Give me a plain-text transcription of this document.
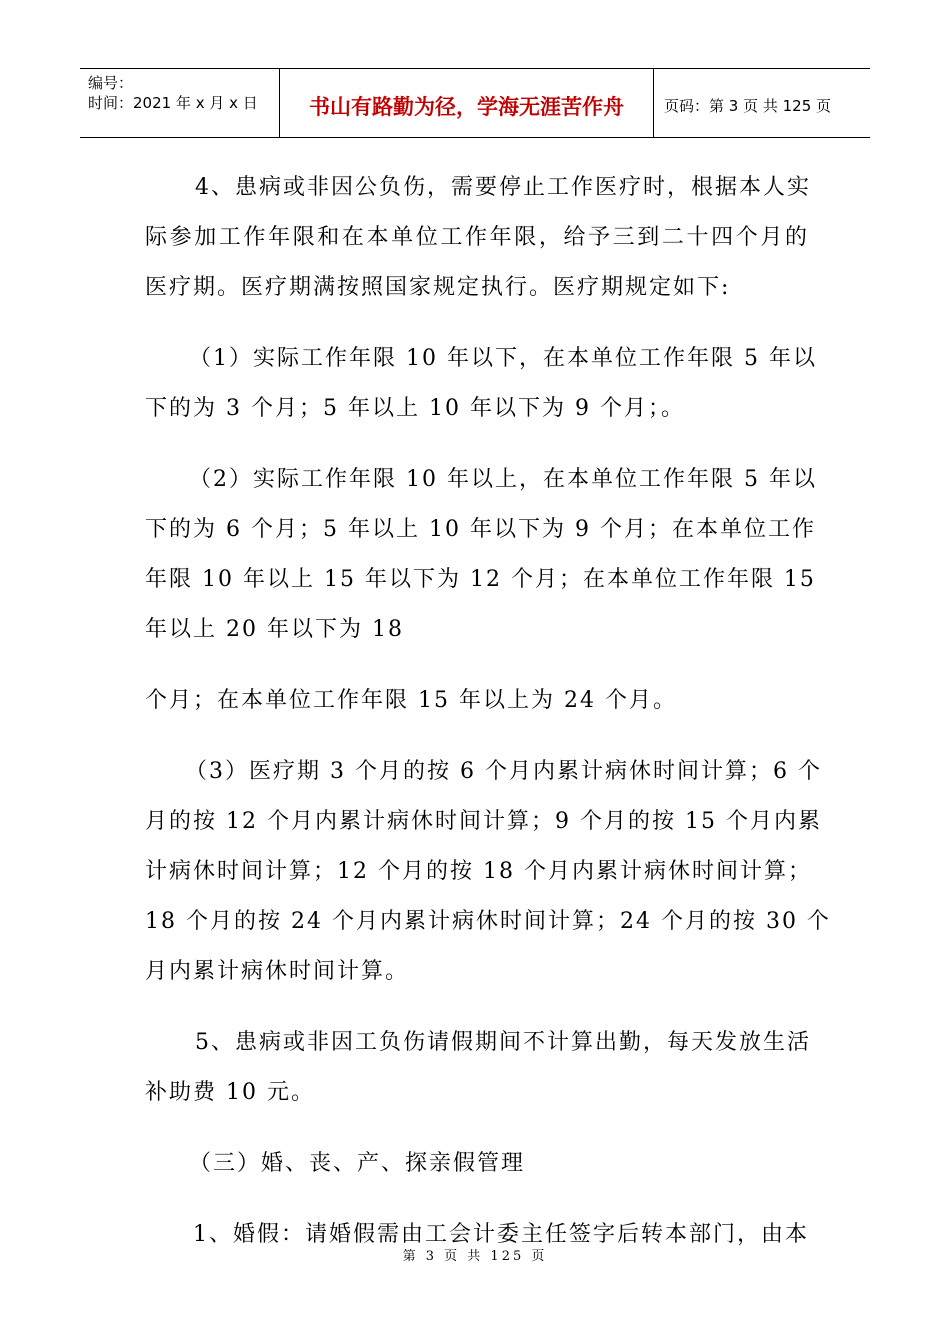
编号：
时间：2021 年 x 月 x 日	书山有路勤为径，学海无涯苦作舟	页码：第 3 页 共 125 页
4、患病或非因公负伤，需要停止工作医疗时，根据本人实
际参加工作年限和在本单位工作年限，给予三到二十四个月的
医疗期。医疗期满按照国家规定执行。医疗期规定如下:
（1）实际工作年限 10 年以下，在本单位工作年限 5 年以
下的为 3 个月；5 年以上 10 年以下为 9 个月；。
（2）实际工作年限 10 年以上，在本单位工作年限 5 年以
下的为 6 个月；5 年以上 10 年以下为 9 个月；在本单位工作
年限 10 年以上 15 年以下为 12 个月；在本单位工作年限 15
年以上 20 年以下为 18
个月；在本单位工作年限 15 年以上为 24 个月。
（3）医疗期 3 个月的按 6 个月内累计病休时间计算；6 个
月的按 12 个月内累计病休时间计算；9 个月的按 15 个月内累
计病休时间计算；12 个月的按 18 个月内累计病休时间计算；
18 个月的按 24 个月内累计病休时间计算；24 个月的按 30 个
月内累计病休时间计算。
5、患病或非因工负伤请假期间不计算出勤，每天发放生活
补助费 10 元。
（三）婚、丧、产、探亲假管理
1、婚假：请婚假需由工会计委主任签字后转本部门，由本
第 3 页 共 125 页
